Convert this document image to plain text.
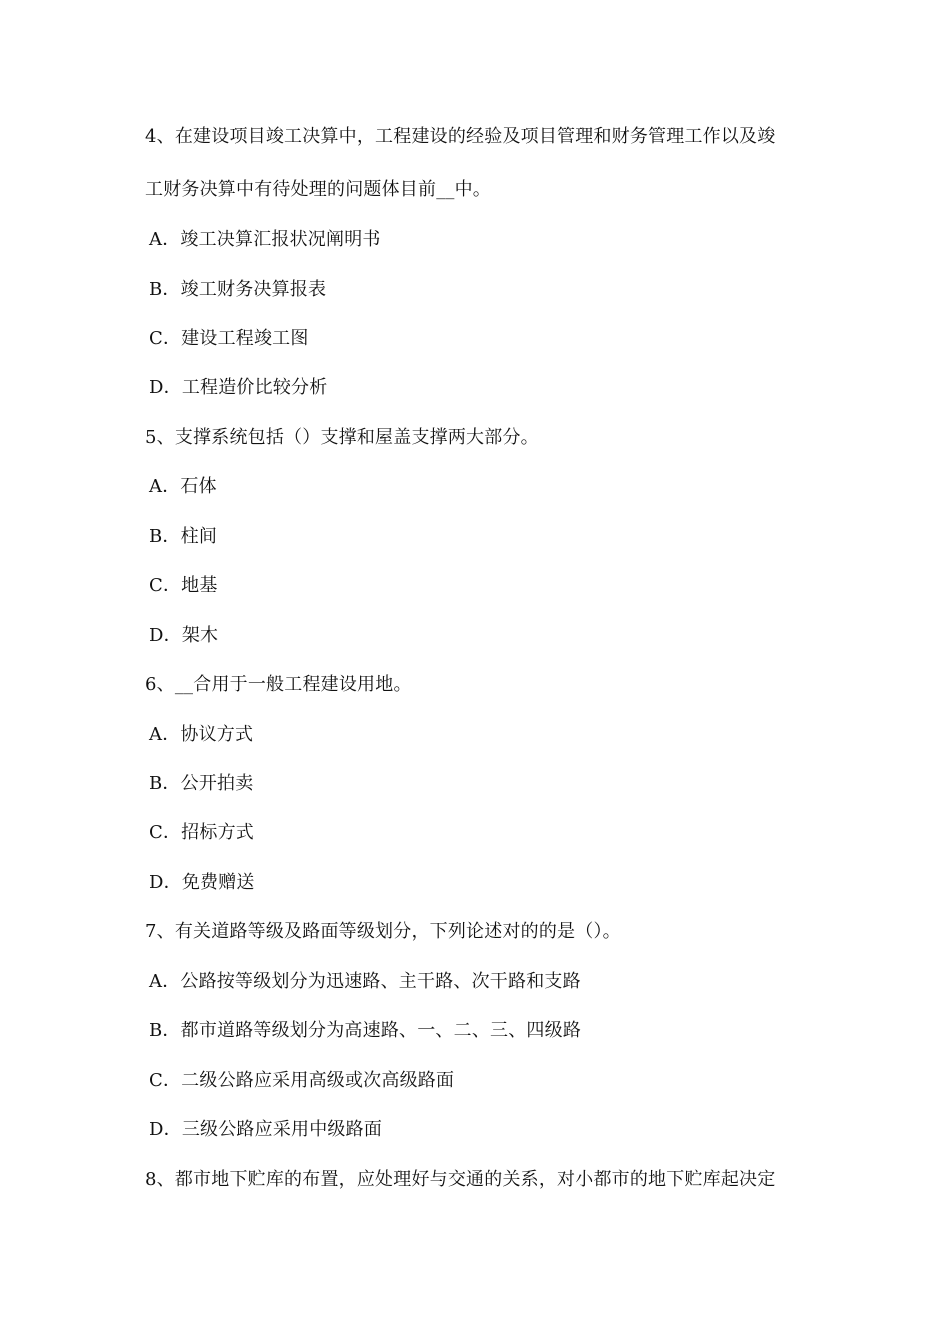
4、在建设项目竣工决算中，工程建设的经验及项目管理和财务管理工作以及竣
工财务决算中有待处理的问题体目前__中。
A．竣工决算汇报状况阐明书
B．竣工财务决算报表
C．建设工程竣工图
D．工程造价比较分析
5、支撑系统包括（）支撑和屋盖支撑两大部分。
A．石体
B．柱间
C．地基
D．架木
6、__合用于一般工程建设用地。
A．协议方式
B．公开拍卖
C．招标方式
D．免费赠送
7、有关道路等级及路面等级划分，下列论述对的的是（）。
A．公路按等级划分为迅速路、主干路、次干路和支路
B．都市道路等级划分为高速路、一、二、三、四级路
C．二级公路应采用高级或次高级路面
D．三级公路应采用中级路面
8、都市地下贮库的布置，应处理好与交通的关系，对小都市的地下贮库起决定
